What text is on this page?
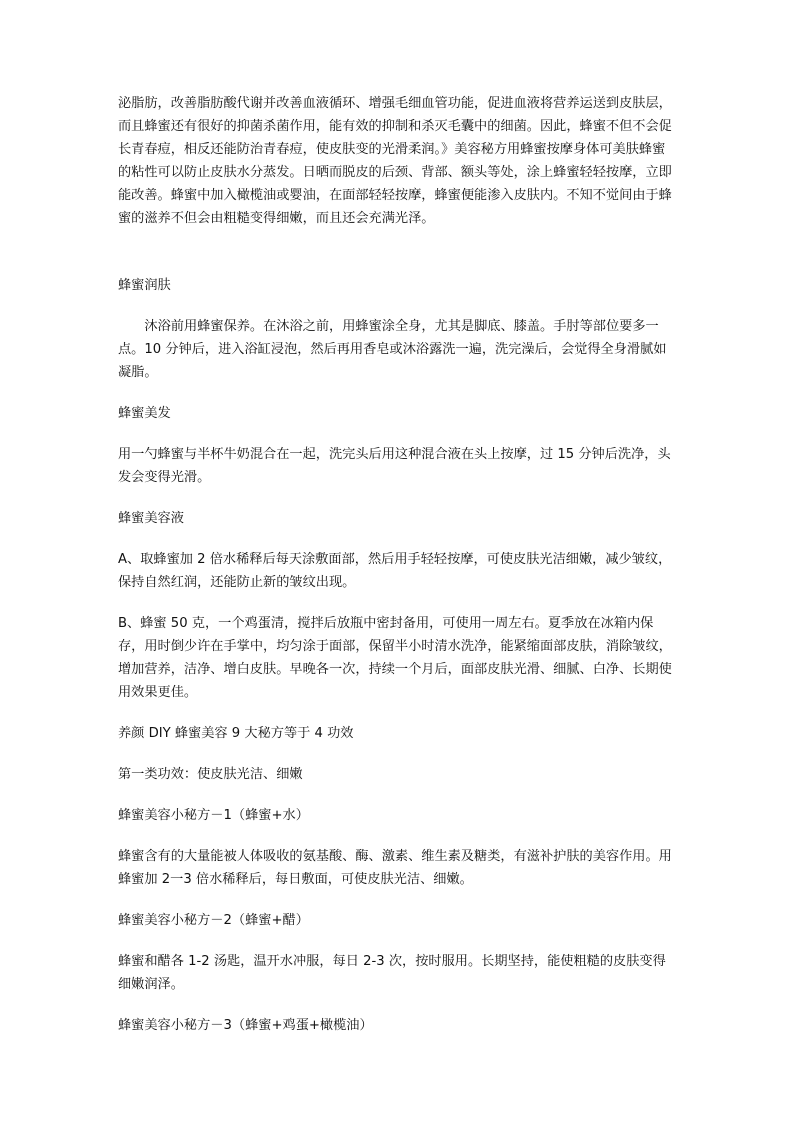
泌脂肪，改善脂肪酸代谢并改善血液循环、增强毛细血管功能，促进血液将营养运送到皮肤层，而且蜂蜜还有很好的抑菌杀菌作用，能有效的抑制和杀灭毛囊中的细菌。因此，蜂蜜不但不会促长青春痘，相反还能防治青春痘，使皮肤变的光滑柔润。》美容秘方用蜂蜜按摩身体可美肤蜂蜜的粘性可以防止皮肤水分蒸发。日晒而脱皮的后颈、背部、额头等处，涂上蜂蜜轻轻按摩，立即能改善。蜂蜜中加入橄榄油或婴油，在面部轻轻按摩，蜂蜜便能渗入皮肤内。不知不觉间由于蜂蜜的滋养不但会由粗糙变得细嫩，而且还会充满光泽。

蜂蜜润肤

沐浴前用蜂蜜保养。在沐浴之前，用蜂蜜涂全身，尤其是脚底、膝盖。手肘等部位要多一点。10 分钟后，进入浴缸浸泡，然后再用香皂或沐浴露洗一遍，洗完澡后，会觉得全身滑腻如凝脂。

蜂蜜美发

用一勺蜂蜜与半杯牛奶混合在一起，洗完头后用这种混合液在头上按摩，过 15 分钟后洗净，头发会变得光滑。

蜂蜜美容液

A、取蜂蜜加 2 倍水稀释后每天涂敷面部，然后用手轻轻按摩，可使皮肤光洁细嫩，减少皱纹，保持自然红润，还能防止新的皱纹出现。

B、蜂蜜 50 克，一个鸡蛋清，搅拌后放瓶中密封备用，可使用一周左右。夏季放在冰箱内保存，用时倒少许在手掌中，均匀涂于面部，保留半小时清水洗净，能紧缩面部皮肤，消除皱纹，增加营养，洁净、增白皮肤。早晚各一次，持续一个月后，面部皮肤光滑、细腻、白净、长期使用效果更佳。

养颜 DIY 蜂蜜美容 9 大秘方等于 4 功效

第一类功效：使皮肤光洁、细嫩

蜂蜜美容小秘方－1（蜂蜜+水）

蜂蜜含有的大量能被人体吸收的氨基酸、酶、激素、维生素及糖类，有滋补护肤的美容作用。用蜂蜜加 2一3 倍水稀释后，每日敷面，可使皮肤光洁、细嫩。

蜂蜜美容小秘方－2（蜂蜜+醋）

蜂蜜和醋各 1-2 汤匙，温开水冲服，每日 2-3 次，按时服用。长期坚持，能使粗糙的皮肤变得细嫩润泽。

蜂蜜美容小秘方－3（蜂蜜+鸡蛋+橄榄油）
